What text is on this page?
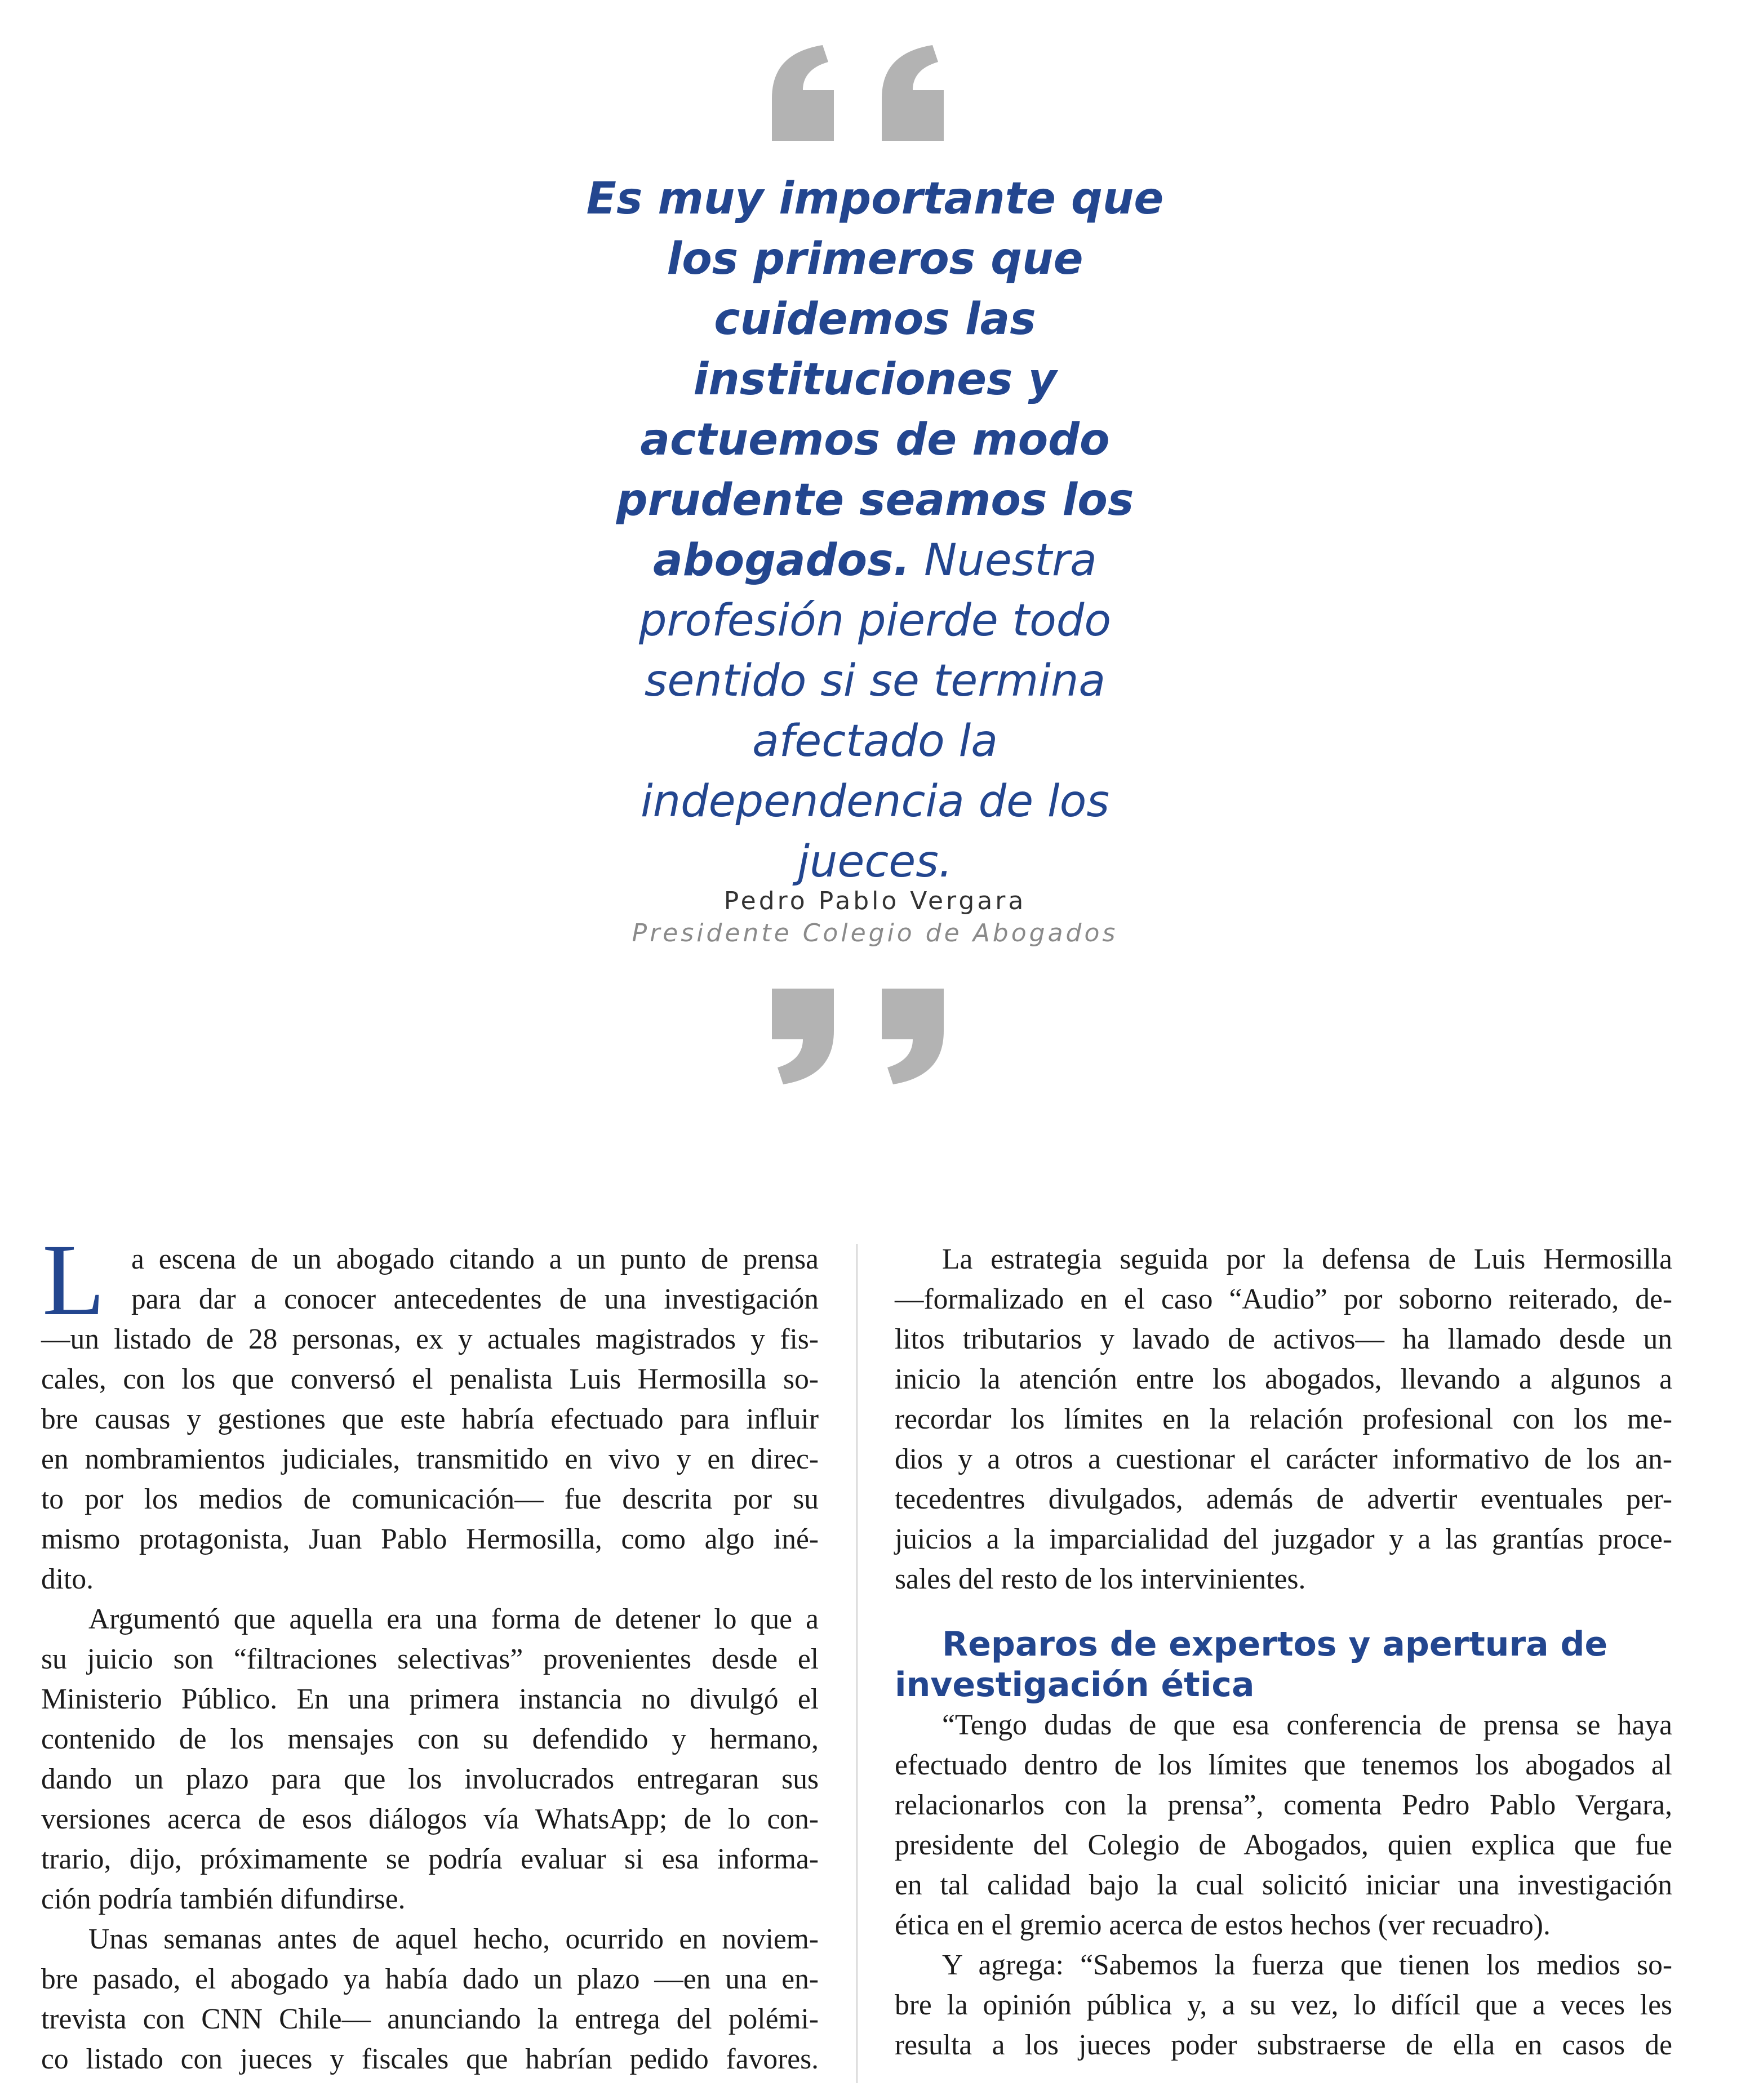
Es muy importante que
los primeros que
cuidemos las
instituciones y
actuemos de modo
prudente seamos los
abogados. Nuestra
profesión pierde todo
sentido si se termina
afectado la
independencia de los
jueces.
Pedro Pablo Vergara
Presidente Colegio de Abogados
L a escena de un abogado citando a un punto de prensa
para dar a conocer antecedentes de una investigación
—un listado de 28 personas, ex y actuales magistrados y fis-
cales, con los que conversó el penalista Luis Hermosilla so-
bre causas y gestiones que este habría efectuado para influir
en nombramientos judiciales, transmitido en vivo y en direc-
to por los medios de comunicación— fue descrita por su
mismo protagonista, Juan Pablo Hermosilla, como algo iné-
dito.
Argumentó que aquella era una forma de detener lo que a
su juicio son “filtraciones selectivas” provenientes desde el
Ministerio Público. En una primera instancia no divulgó el
contenido de los mensajes con su defendido y hermano,
dando un plazo para que los involucrados entregaran sus
versiones acerca de esos diálogos vía WhatsApp; de lo con-
trario, dijo, próximamente se podría evaluar si esa informa-
ción podría también difundirse.
Unas semanas antes de aquel hecho, ocurrido en noviem-
bre pasado, el abogado ya había dado un plazo —en una en-
trevista con CNN Chile— anunciando la entrega del polémi-
co listado con jueces y fiscales que habrían pedido favores.
La estrategia seguida por la defensa de Luis Hermosilla
—formalizado en el caso “Audio” por soborno reiterado, de-
litos tributarios y lavado de activos— ha llamado desde un
inicio la atención entre los abogados, llevando a algunos a
recordar los límites en la relación profesional con los me-
dios y a otros a cuestionar el carácter informativo de los an-
tecedentres divulgados, además de advertir eventuales per-
juicios a la imparcialidad del juzgador y a las grantías proce-
sales del resto de los intervinientes.
Reparos de expertos y apertura de
investigación ética
“Tengo dudas de que esa conferencia de prensa se haya
efectuado dentro de los límites que tenemos los abogados al
relacionarlos con la prensa”, comenta Pedro Pablo Vergara,
presidente del Colegio de Abogados, quien explica que fue
en tal calidad bajo la cual solicitó iniciar una investigación
ética en el gremio acerca de estos hechos (ver recuadro).
Y agrega: “Sabemos la fuerza que tienen los medios so-
bre la opinión pública y, a su vez, lo difícil que a veces les
resulta a los jueces poder substraerse de ella en casos de
